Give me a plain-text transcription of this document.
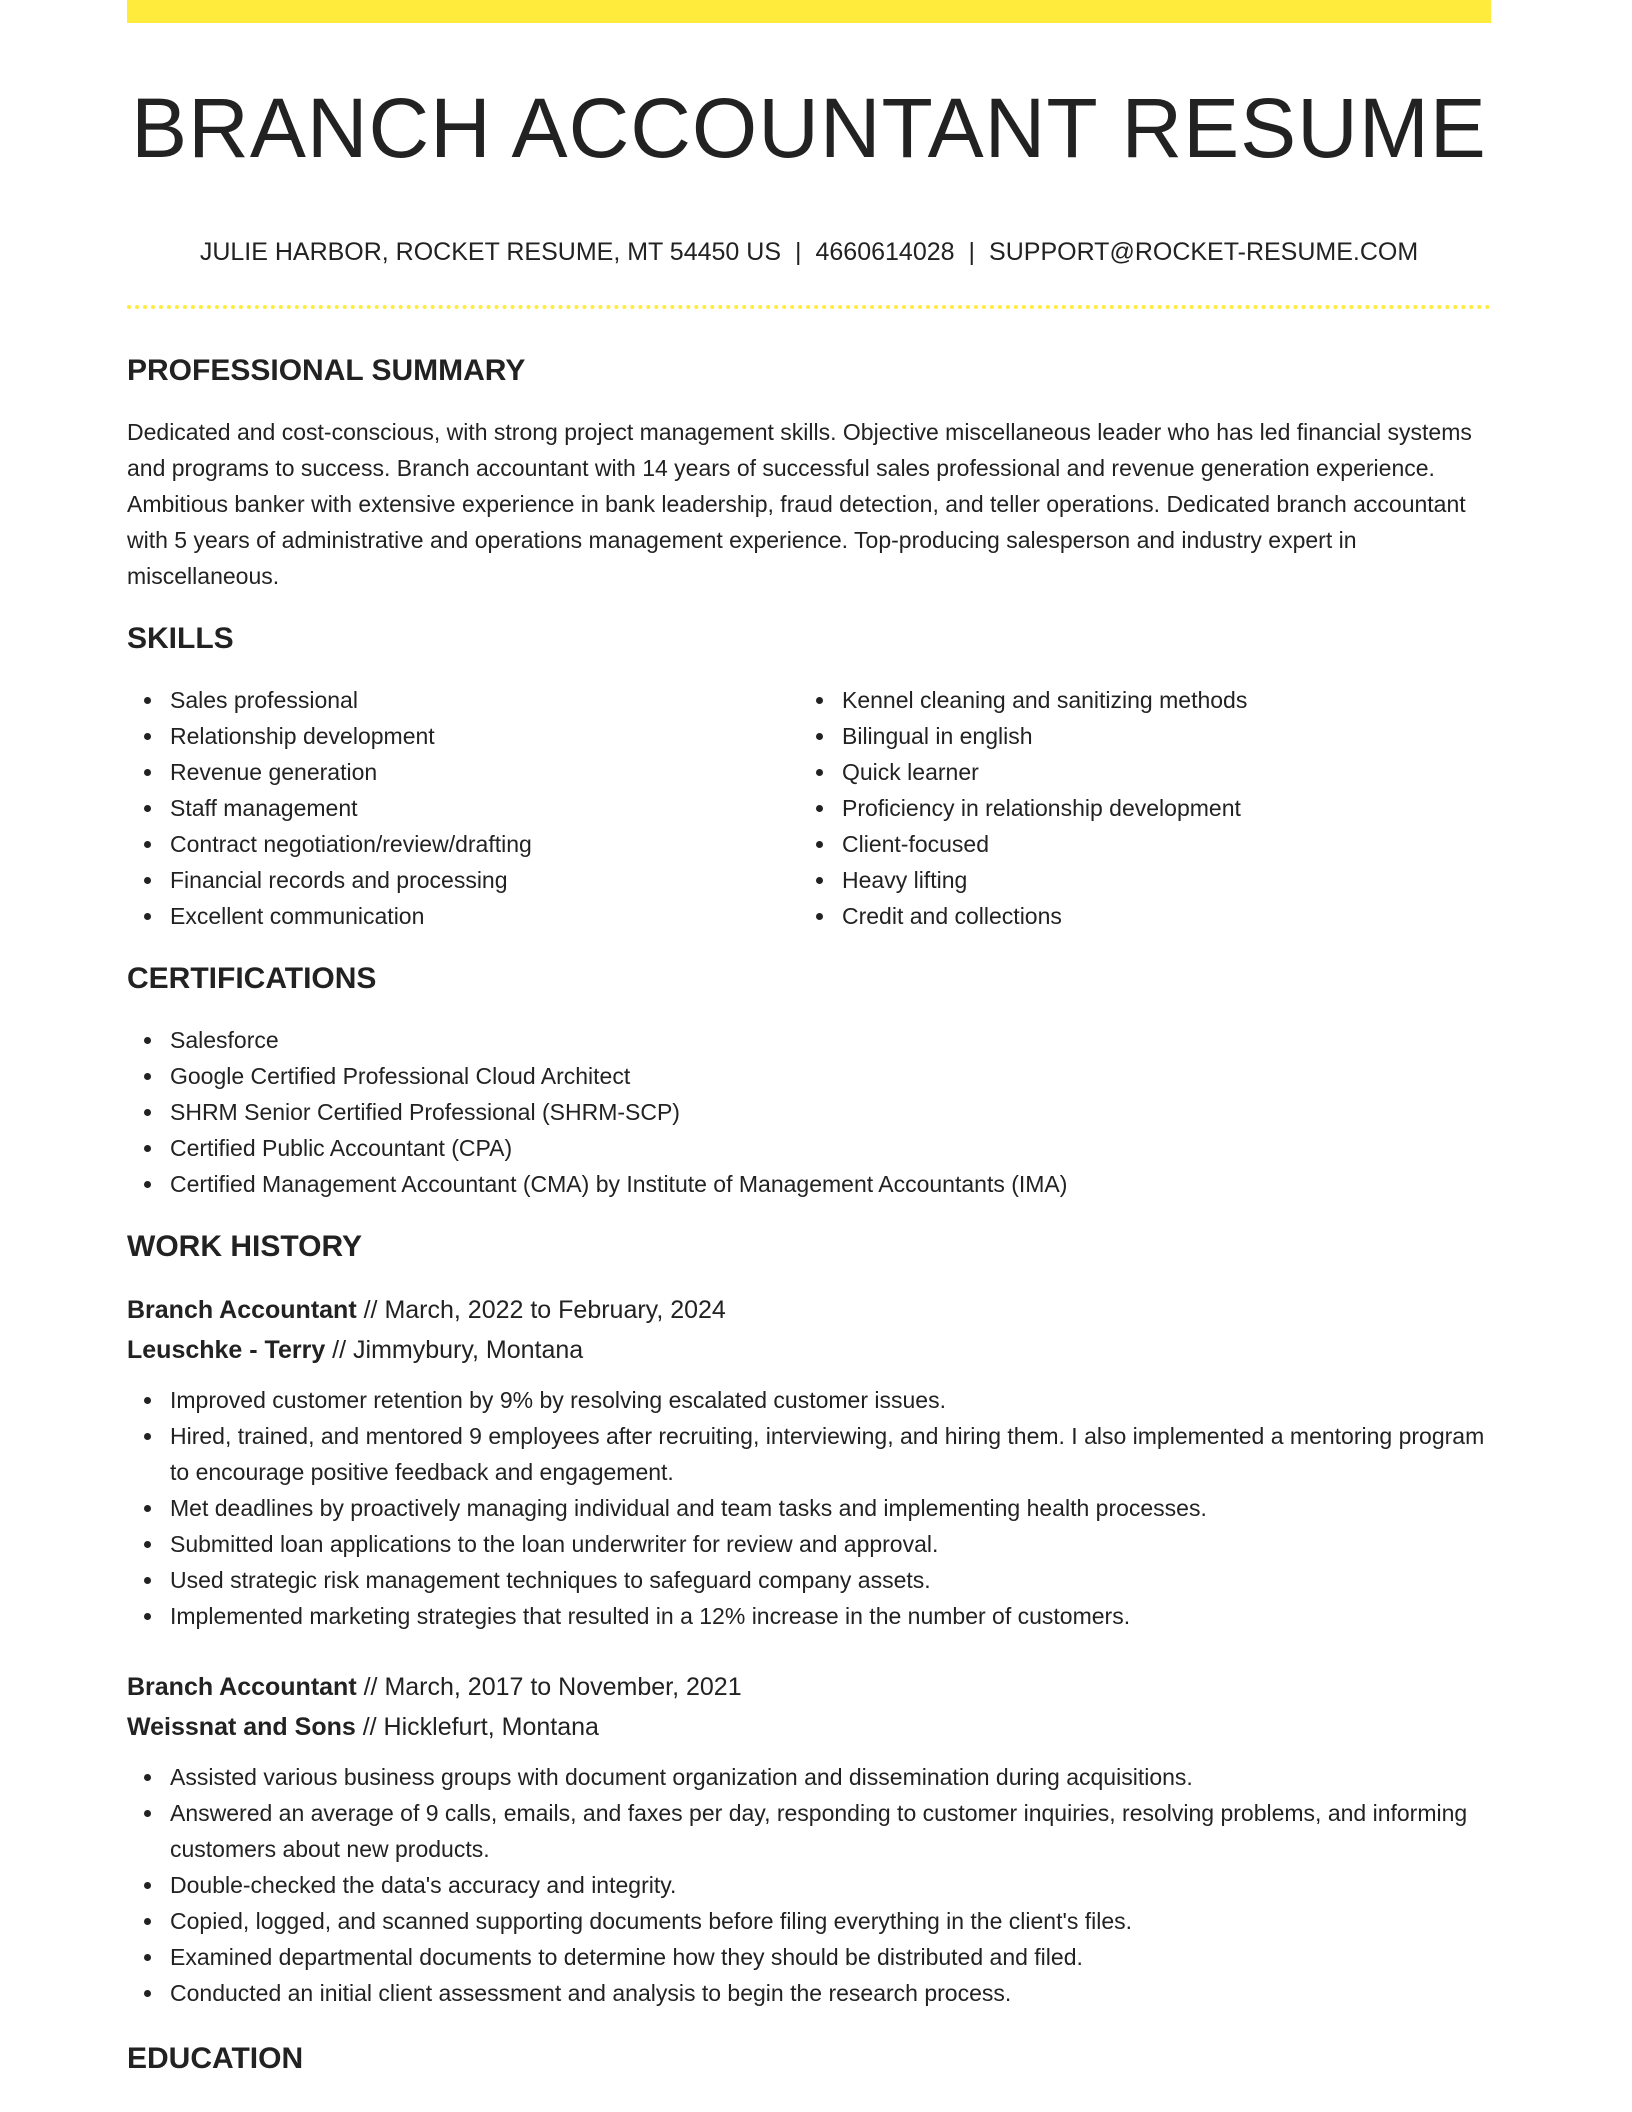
BRANCH ACCOUNTANT RESUME
JULIE HARBOR, ROCKET RESUME, MT 54450 US | 4660614028 | SUPPORT@ROCKET-RESUME.COM
PROFESSIONAL SUMMARY

Dedicated and cost-conscious, with strong project management skills. Objective miscellaneous leader who has led financial systems and programs to success. Branch accountant with 14 years of successful sales professional and revenue generation experience. Ambitious banker with extensive experience in bank leadership, fraud detection, and teller operations. Dedicated branch accountant with 5 years of administrative and operations management experience. Top-producing salesperson and industry expert in miscellaneous.

SKILLS
Sales professional
Relationship development
Revenue generation
Staff management
Contract negotiation/review/drafting
Financial records and processing
Excellent communication
Kennel cleaning and sanitizing methods
Bilingual in english
Quick learner
Proficiency in relationship development
Client-focused
Heavy lifting
Credit and collections
CERTIFICATIONS
Salesforce
Google Certified Professional Cloud Architect
SHRM Senior Certified Professional (SHRM-SCP)
Certified Public Accountant (CPA)
Certified Management Accountant (CMA) by Institute of Management Accountants (IMA)
WORK HISTORY
Branch Accountant // March, 2022 to February, 2024
Leuschke - Terry // Jimmybury, Montana
Improved customer retention by 9% by resolving escalated customer issues.
Hired, trained, and mentored 9 employees after recruiting, interviewing, and hiring them. I also implemented a mentoring program to encourage positive feedback and engagement.
Met deadlines by proactively managing individual and team tasks and implementing health processes.
Submitted loan applications to the loan underwriter for review and approval.
Used strategic risk management techniques to safeguard company assets.
Implemented marketing strategies that resulted in a 12% increase in the number of customers.
Branch Accountant // March, 2017 to November, 2021
Weissnat and Sons // Hicklefurt, Montana
Assisted various business groups with document organization and dissemination during acquisitions.
Answered an average of 9 calls, emails, and faxes per day, responding to customer inquiries, resolving problems, and informing customers about new products.
Double-checked the data's accuracy and integrity.
Copied, logged, and scanned supporting documents before filing everything in the client's files.
Examined departmental documents to determine how they should be distributed and filed.
Conducted an initial client assessment and analysis to begin the research process.
EDUCATION
